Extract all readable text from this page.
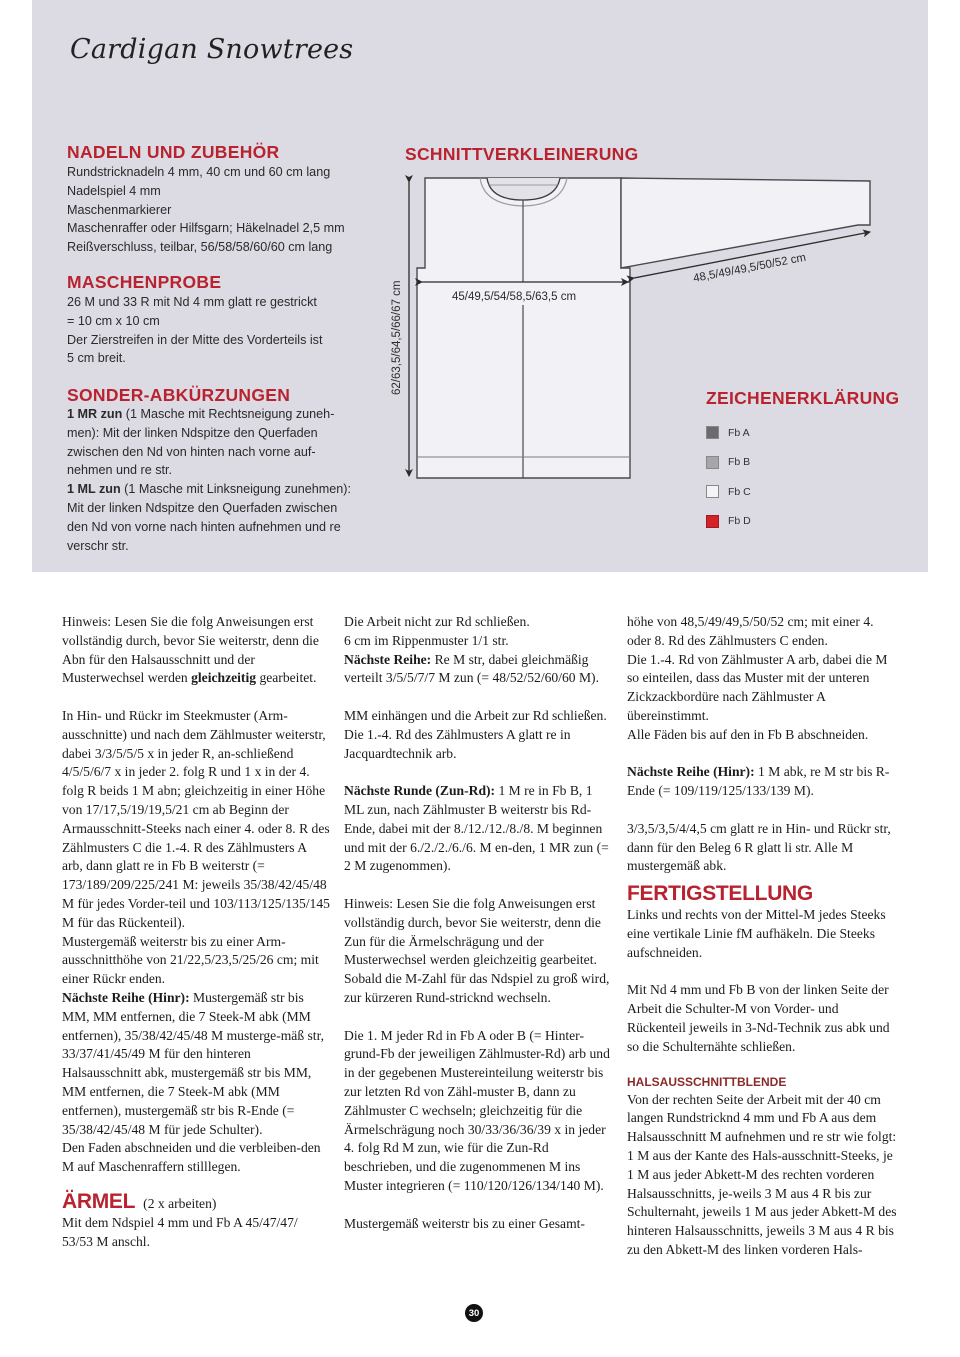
Cardigan Snowtrees
NADELN UND ZUBEHÖR

Rundstricknadeln 4 mm, 40 cm und 60 cm lang

Nadelspiel 4 mm

Maschenmarkierer

Maschenraffer oder Hilfsgarn; Häkelnadel 2,5 mm

Reißverschluss, teilbar, 56/58/58/60/60 cm lang

MASCHENPROBE

26 M und 33 R mit Nd 4 mm glatt re gestrickt

= 10 cm x 10 cm

Der Zierstreifen in der Mitte des Vorderteils ist

5 cm breit.

SONDER-ABKÜRZUNGEN

1 MR zun (1 Masche mit Rechtsneigung zuneh-men): Mit der linken Ndspitze den Querfaden zwischen den Nd von hinten nach vorne auf-nehmen und re str.

1 ML zun (1 Masche mit Linksneigung zunehmen): Mit der linken Ndspitze den Querfaden zwischen den Nd von vorne nach hinten aufnehmen und re verschr str.

SCHNITTVERKLEINERUNG
62/63,5/64,5/66/67 cm	45/49,5/54/58,5/63,5 cm
48,5/49/49,5/50/52 cm
ZEICHENERKLÄRUNG
Fb A
Fb B
Fb C
Fb D

Hinweis: Lesen Sie die folg Anweisungen erst vollständig durch, bevor Sie weiterstr, denn die Abn für den Halsausschnitt und der Musterwechsel werden gleichzeitig gearbeitet.

In Hin- und Rückr im Steekmuster (Arm-ausschnitte) und nach dem Zählmuster weiterstr, dabei 3/3/5/5/5 x in jeder R, an-schließend 4/5/5/6/7 x in jeder 2. folg R und 1 x in der 4. folg R beids 1 M abn; gleichzeitig in einer Höhe von 17/17,5/19/19,5/21 cm ab Beginn der Armausschnitt-Steeks nach einer 4. oder 8. R des Zählmusters C die 1.-4. R des Zählmusters A arb, dann glatt re in Fb B weiterstr (= 173/189/209/225/241 M: jeweils 35/38/42/45/48 M für jedes Vorder-teil und 103/113/125/135/145 M für das Rückenteil).

Mustergemäß weiterstr bis zu einer Arm-ausschnitthöhe von 21/22,5/23,5/25/26 cm; mit einer Rückr enden.

Nächste Reihe (Hinr): Mustergemäß str bis MM, MM entfernen, die 7 Steek-M abk (MM entfernen), 35/38/42/45/48 M musterge-mäß str, 33/37/41/45/49 M für den hinteren Halsausschnitt abk, mustergemäß str bis MM, MM entfernen, die 7 Steek-M abk (MM entfernen), mustergemäß str bis R-Ende (= 35/38/42/45/48 M für jede Schulter).

Den Faden abschneiden und die verbleiben-den M auf Maschenraffern stilllegen.

ÄRMEL (2 x arbeiten)

Mit dem Ndspiel 4 mm und Fb A 45/47/47/ 53/53 M anschl.

Die Arbeit nicht zur Rd schließen.

6 cm im Rippenmuster 1/1 str.

Nächste Reihe: Re M str, dabei gleichmäßig verteilt 3/5/5/7/7 M zun (= 48/52/52/60/60 M).

MM einhängen und die Arbeit zur Rd schließen.

Die 1.-4. Rd des Zählmusters A glatt re in Jacquardtechnik arb.

Nächste Runde (Zun-Rd): 1 M re in Fb B, 1 ML zun, nach Zählmuster B weiterstr bis Rd-Ende, dabei mit der 8./12./12./8./8. M beginnen und mit der 6./2./2./6./6. M en-den, 1 MR zun (= 2 M zugenommen).

Hinweis: Lesen Sie die folg Anweisungen erst vollständig durch, bevor Sie weiterstr, denn die Zun für die Ärmelschrägung und der Musterwechsel werden gleichzeitig gearbeitet. Sobald die M-Zahl für das Ndspiel zu groß wird, zur kürzeren Rund-stricknd wechseln.

Die 1. M jeder Rd in Fb A oder B (= Hinter-grund-Fb der jeweiligen Zählmuster-Rd) arb und in der gegebenen Mustereinteilung weiterstr bis zur letzten Rd von Zähl-muster B, dann zu Zählmuster C wechseln; gleichzeitig für die Ärmelschrägung noch 30/33/36/36/39 x in jeder 4. folg Rd M zun, wie für die Zun-Rd beschrieben, und die zugenommenen M ins Muster integrieren (= 110/120/126/134/140 M).

Mustergemäß weiterstr bis zu einer Gesamt-

höhe von 48,5/49/49,5/50/52 cm; mit einer 4. oder 8. Rd des Zählmusters C enden.

Die 1.-4. Rd von Zählmuster A arb, dabei die M so einteilen, dass das Muster mit der unteren Zickzackbordüre nach Zählmuster A übereinstimmt.

Alle Fäden bis auf den in Fb B abschneiden.

Nächste Reihe (Hinr): 1 M abk, re M str bis R-Ende (= 109/119/125/133/139 M).

3/3,5/3,5/4/4,5 cm glatt re in Hin- und Rückr str, dann für den Beleg 6 R glatt li str. Alle M mustergemäß abk.

FERTIGSTELLUNG

Links und rechts von der Mittel-M jedes Steeks eine vertikale Linie fM aufhäkeln. Die Steeks aufschneiden.

Mit Nd 4 mm und Fb B von der linken Seite der Arbeit die Schulter-M von Vorder- und Rückenteil jeweils in 3-Nd-Technik zus abk und so die Schulternähte schließen.

HALSAUSSCHNITTBLENDE

Von der rechten Seite der Arbeit mit der 40 cm langen Rundstricknd 4 mm und Fb A aus dem Halsausschnitt M aufnehmen und re str wie folgt: 1 M aus der Kante des Hals-ausschnitt-Steeks, je 1 M aus jeder Abkett-M des rechten vorderen Halsausschnitts, je-weils 3 M aus 4 R bis zur Schulternaht, jeweils 1 M aus jeder Abkett-M des hinteren Halsausschnitts, jeweils 3 M aus 4 R bis zu den Abkett-M des linken vorderen Hals-

30
